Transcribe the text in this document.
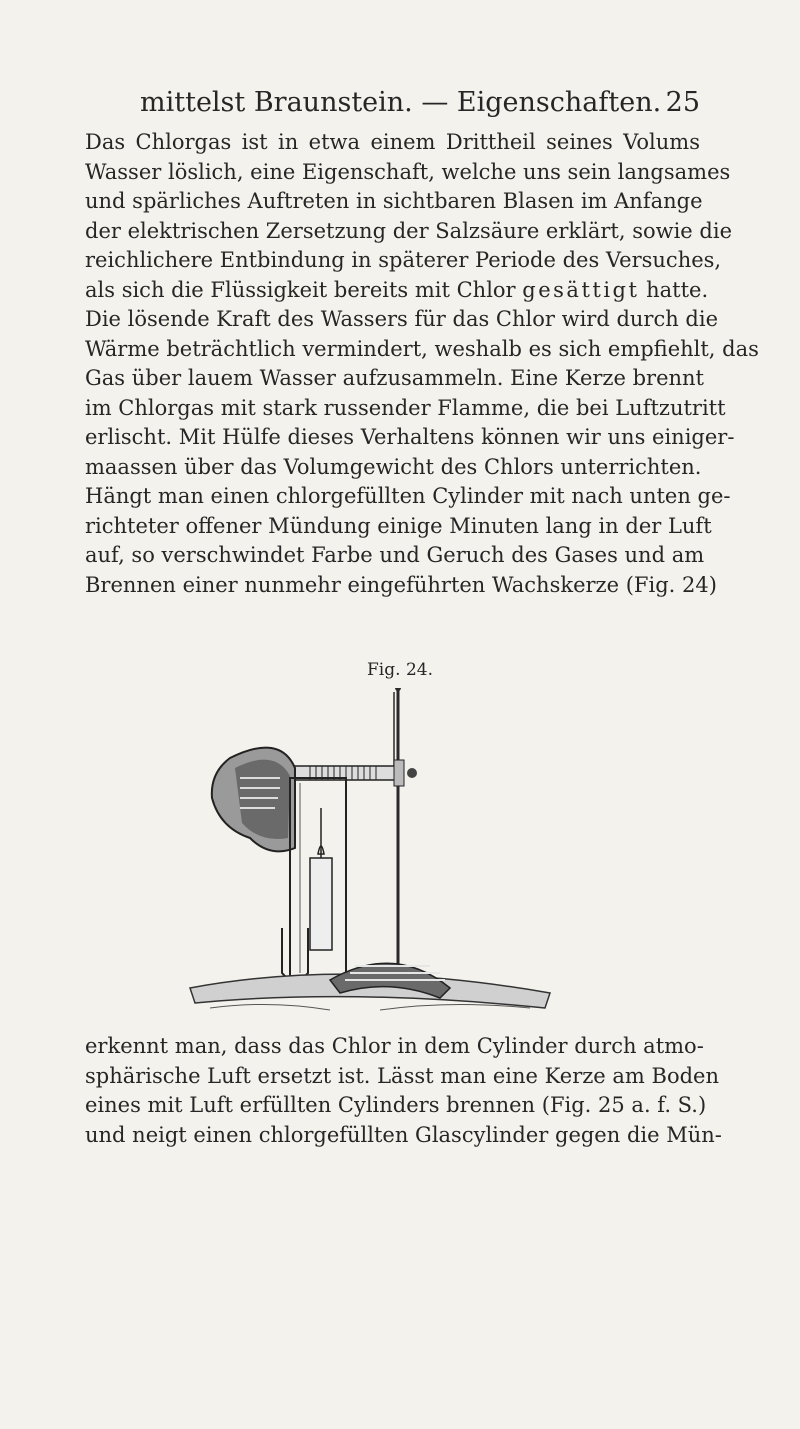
mittelst Braunstein. — Eigenschaften. 25

Das Chlorgas ist in etwa einem Drittheil seines Volums
Wasser löslich, eine Eigenschaft, welche uns sein langsames
und spärliches Auftreten in sichtbaren Blasen im Anfange
der elektrischen Zersetzung der Salzsäure erklärt, sowie die
reichlichere Entbindung in späterer Periode des Versuches,
als sich die Flüssigkeit bereits mit Chlor gesättigt hatte.
Die lösende Kraft des Wassers für das Chlor wird durch die
Wärme beträchtlich vermindert, weshalb es sich empfiehlt, das
Gas über lauem Wasser aufzusammeln. Eine Kerze brennt
im Chlorgas mit stark russender Flamme, die bei Luftzutritt
erlischt. Mit Hülfe dieses Verhaltens können wir uns einiger-
maassen über das Volumgewicht des Chlors unterrichten.
Hängt man einen chlorgefüllten Cylinder mit nach unten ge-
richteter offener Mündung einige Minuten lang in der Luft
auf, so verschwindet Farbe und Geruch des Gases und am
Brennen einer nunmehr eingeführten Wachskerze (Fig. 24)

Fig. 24.

erkennt man, dass das Chlor in dem Cylinder durch atmo-
sphärische Luft ersetzt ist. Lässt man eine Kerze am Boden
eines mit Luft erfüllten Cylinders brennen (Fig. 25 a. f. S.)
und neigt einen chlorgefüllten Glascylinder gegen die Mün-
